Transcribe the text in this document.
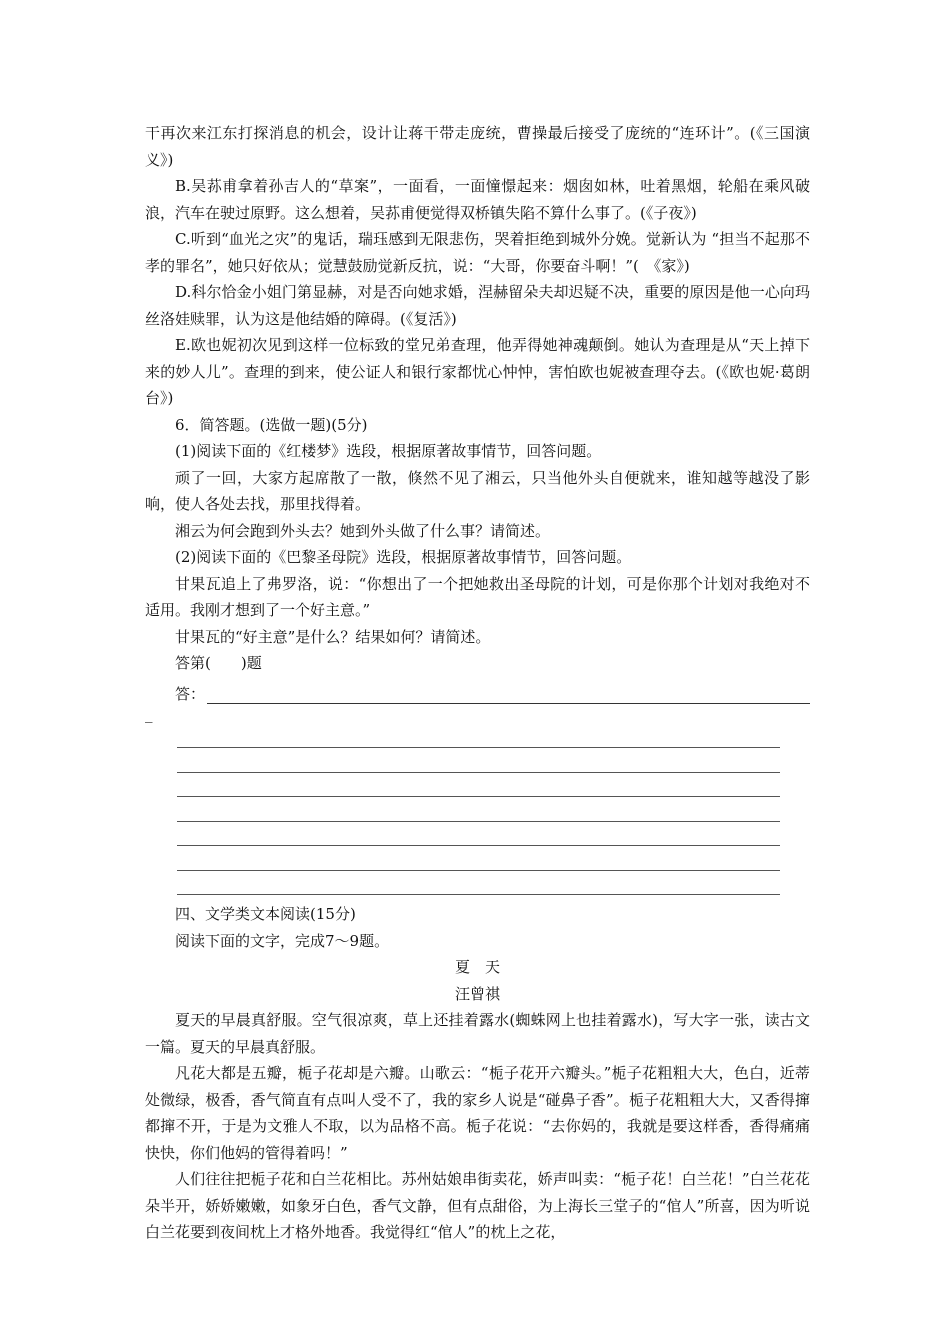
干再次来江东打探消息的机会，设计让蒋干带走庞统，曹操最后接受了庞统的“连环计”。(《三国演义》)

B.吴荪甫拿着孙吉人的“草案”，一面看，一面憧憬起来：烟囱如林，吐着黑烟，轮船在乘风破浪，汽车在驶过原野。这么想着，吴荪甫便觉得双桥镇失陷不算什么事了。(《子夜》)

C.听到“血光之灾”的鬼话，瑞珏感到无限悲伤，哭着拒绝到城外分娩。觉新认为 “担当不起那不孝的罪名”，她只好依从；觉慧鼓励觉新反抗，说：“大哥，你要奋斗啊！”(　《家》)

D.科尔恰金小姐门第显赫，对是否向她求婚，涅赫留朵夫却迟疑不决，重要的原因是他一心向玛丝洛娃赎罪，认为这是他结婚的障碍。(《复活》)

E.欧也妮初次见到这样一位标致的堂兄弟查理，他弄得她神魂颠倒。她认为查理是从“天上掉下来的妙人儿”。查理的到来，使公证人和银行家都忧心忡忡，害怕欧也妮被查理夺去。(《欧也妮·葛朗台》)

6．简答题。(选做一题)(5分)

(1)阅读下面的《红楼梦》选段，根据原著故事情节，回答问题。

顽了一回，大家方起席散了一散，倏然不见了湘云，只当他外头自便就来，谁知越等越没了影响，使人各处去找，那里找得着。

湘云为何会跑到外头去？她到外头做了什么事？请简述。

(2)阅读下面的《巴黎圣母院》选段，根据原著故事情节，回答问题。

甘果瓦追上了弗罗洛，说：“你想出了一个把她救出圣母院的计划，可是你那个计划对我绝对不适用。我刚才想到了一个好主意。”

甘果瓦的“好主意”是什么？结果如何？请简述。

答第(　　)题

答：
_

四、文学类文本阅读(15分)

阅读下面的文字，完成7～9题。

夏　天

汪曾祺

夏天的早晨真舒服。空气很凉爽，草上还挂着露水(蜘蛛网上也挂着露水)，写大字一张，读古文一篇。夏天的早晨真舒服。

凡花大都是五瓣，栀子花却是六瓣。山歌云：“栀子花开六瓣头。”栀子花粗粗大大，色白，近蒂处微绿，极香，香气简直有点叫人受不了，我的家乡人说是“碰鼻子香”。栀子花粗粗大大，又香得撺都撺不开，于是为文雅人不取，以为品格不高。栀子花说：“去你妈的，我就是要这样香，香得痛痛快快，你们他妈的管得着吗！”

人们往往把栀子花和白兰花相比。苏州姑娘串街卖花，娇声叫卖：“栀子花！白兰花！”白兰花花朵半开，娇娇嫩嫩，如象牙白色，香气文静，但有点甜俗，为上海长三堂子的“倌人”所喜，因为听说白兰花要到夜间枕上才格外地香。我觉得红“倌人”的枕上之花，
